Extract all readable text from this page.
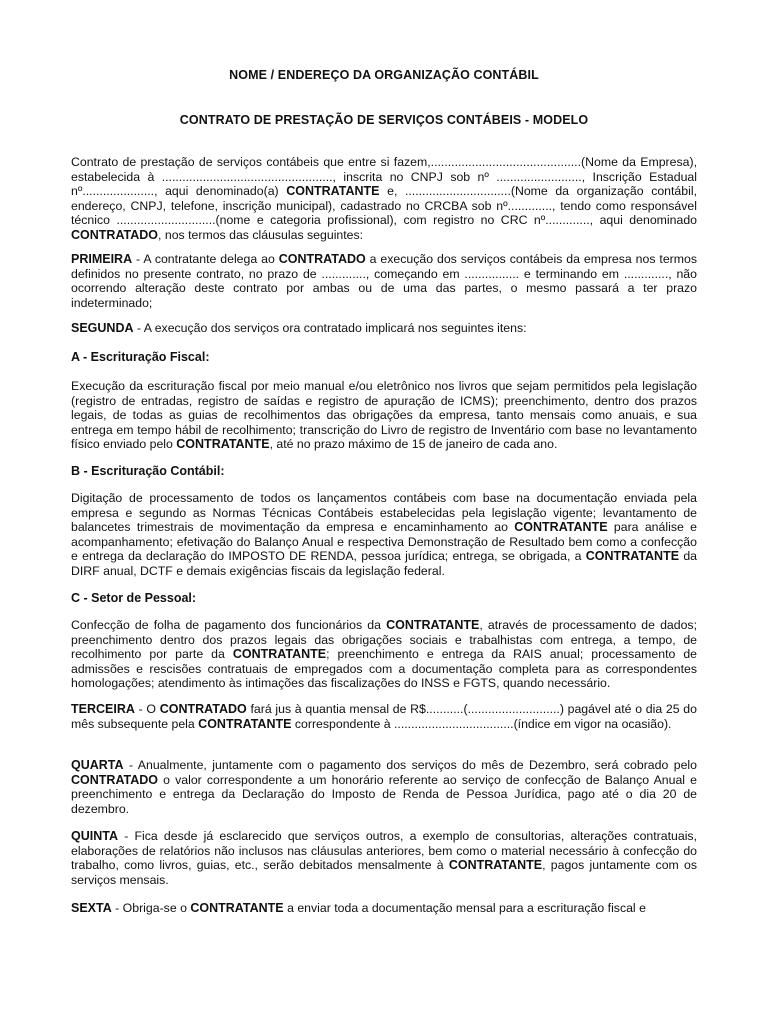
NOME / ENDEREÇO DA ORGANIZAÇÃO CONTÁBIL
CONTRATO DE PRESTAÇÃO DE SERVIÇOS CONTÁBEIS - MODELO
Contrato de prestação de serviços contábeis que entre si fazem,............................................(Nome da Empresa), estabelecida à .................................................., inscrita no CNPJ sob nº ........................., Inscrição Estadual nº....................., aqui denominado(a) CONTRATANTE e, ...............................(Nome da organização contábil, endereço, CNPJ, telefone, inscrição municipal), cadastrado no CRCBA sob nº............., tendo como responsável técnico .............................(nome e categoria profissional), com registro no CRC nº............., aqui denominado CONTRATADO, nos termos das cláusulas seguintes:
PRIMEIRA - A contratante delega ao CONTRATADO a execução dos serviços contábeis da empresa nos termos definidos no presente contrato, no prazo de ............., começando em ................ e terminando em ............., não ocorrendo alteração deste contrato por ambas ou de uma das partes, o mesmo passará a ter prazo indeterminado;
SEGUNDA - A execução dos serviços ora contratado implicará nos seguintes itens:
A - Escrituração Fiscal:
Execução da escrituração fiscal por meio manual e/ou eletrônico nos livros que sejam permitidos pela legislação (registro de entradas, registro de saídas e registro de apuração de ICMS); preenchimento, dentro dos prazos legais, de todas as guias de recolhimentos das obrigações da empresa, tanto mensais como anuais, e sua entrega em tempo hábil de recolhimento; transcrição do Livro de registro de Inventário com base no levantamento físico enviado pelo CONTRATANTE, até no prazo máximo de 15 de janeiro de cada ano.
B - Escrituração Contábil:
Digitação de processamento de todos os lançamentos contábeis com base na documentação enviada pela empresa e segundo as Normas Técnicas Contábeis estabelecidas pela legislação vigente; levantamento de balancetes trimestrais de movimentação da empresa e encaminhamento ao CONTRATANTE para análise e acompanhamento; efetivação do Balanço Anual e respectiva Demonstração de Resultado bem como a confecção e entrega da declaração do IMPOSTO DE RENDA, pessoa jurídica; entrega, se obrigada, a CONTRATANTE da DIRF anual, DCTF e demais exigências fiscais da legislação federal.
C - Setor de Pessoal:
Confecção de folha de pagamento dos funcionários da CONTRATANTE, através de processamento de dados; preenchimento dentro dos prazos legais das obrigações sociais e trabalhistas com entrega, a tempo, de recolhimento por parte da CONTRATANTE; preenchimento e entrega da RAIS anual; processamento de admissões e rescisões contratuais de empregados com a documentação completa para as correspondentes homologações; atendimento às intimações das fiscalizações do INSS e FGTS, quando necessário.
TERCEIRA - O CONTRATADO fará jus à quantia mensal de R$...........(...........................) pagável até o dia 25 do mês subsequente pela CONTRATANTE correspondente à ...................................(índice em vigor na ocasião).
QUARTA - Anualmente, juntamente com o pagamento dos serviços do mês de Dezembro, será cobrado pelo CONTRATADO o valor correspondente a um honorário referente ao serviço de confecção de Balanço Anual e preenchimento e entrega da Declaração do Imposto de Renda de Pessoa Jurídica, pago até o dia 20 de dezembro.
QUINTA - Fica desde já esclarecido que serviços outros, a exemplo de consultorias, alterações contratuais, elaborações de relatórios não inclusos nas cláusulas anteriores, bem como o material necessário à confecção do trabalho, como livros, guias, etc., serão debitados mensalmente à CONTRATANTE, pagos juntamente com os serviços mensais.
SEXTA - Obriga-se o CONTRATANTE a enviar toda a documentação mensal para a escrituração fiscal e
